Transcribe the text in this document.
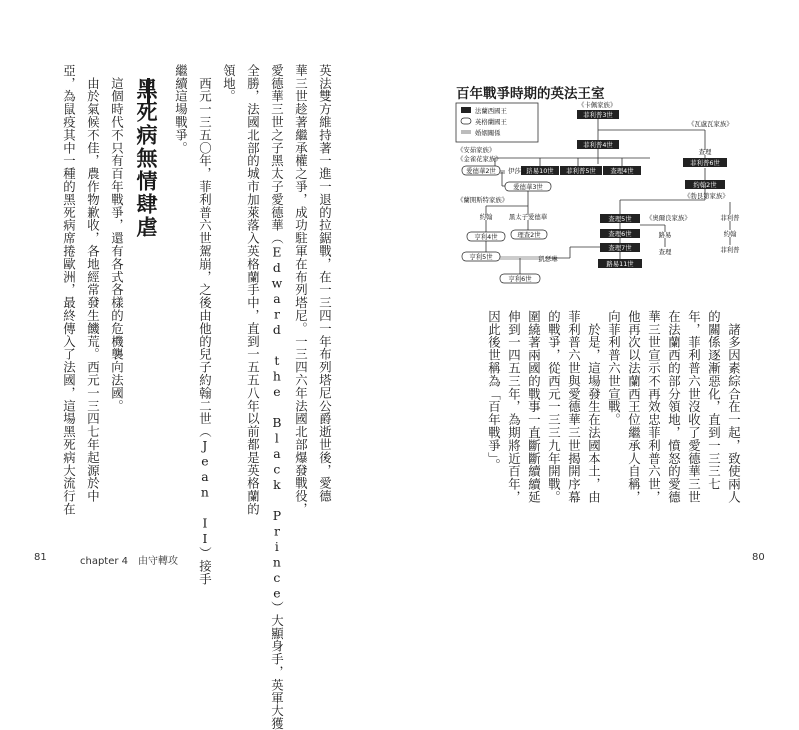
英法雙方維持著一進一退的拉鋸戰，在一三四一年布列塔尼公爵逝世後，愛德
華三世趁著繼承權之爭，成功駐軍在布列塔尼。一三四六年法國北部爆發戰役，
愛德華三世之子黑太子愛德華（Edward the Black Prince）大顯身手，英軍大獲
全勝，法國北部的城市加萊落入英格蘭手中，直到一五五八年以前都是英格蘭的
領地。
　西元一三五〇年，菲利普六世駕崩，之後由他的兒子約翰二世（Jean II）接手
繼續這場戰爭。
黑死病無情肆虐
　這個時代不只有百年戰爭，還有各式各樣的危機襲向法國。
　由於氣候不佳，農作物歉收，各地經常發生饑荒。西元一三四七年起源於中
亞，為鼠疫其中一種的黑死病席捲歐洲，最終傳入了法國，這場黑死病大流行在
81	chapter 4　由守轉攻
百年戰爭時期的英法王室
法蘭西國王
英格蘭國王
婚姻關係
《卡佩家族》
《瓦盧瓦家族》
《安茹家族》
《金雀花家族》
《蘭開斯特家族》	《勃艮第家族》
《奧爾良家族》
菲利普3世
菲利普4世
路易10世 菲利普5世 查理4世
菲利普6世
約翰2世
查理5世
查理6世
查理7世
路易11世
愛德華2世
愛德華3世
亨利4世	理查2世
亨利5世
亨利6世
伊莎貝拉
查理
約翰	黑太子愛德華
凱瑟琳
路易
查理
菲利普
約翰
菲利普
　諸多因素綜合在一起，致使兩人
的關係逐漸惡化，直到一三三七
年，菲利普六世沒收了愛德華三世
在法蘭西的部分領地，憤怒的愛德
華三世宣示不再效忠菲利普六世，
他再次以法蘭西王位繼承人自稱，
向菲利普六世宣戰。
　於是，這場發生在法國本土，由
菲利普六世與愛德華三世揭開序幕
的戰爭，從西元一三三九年開戰。
圍繞著兩國的戰事一直斷斷續續延
伸到一四五三年，為期將近百年，
因此後世稱為「百年戰爭」。
80
